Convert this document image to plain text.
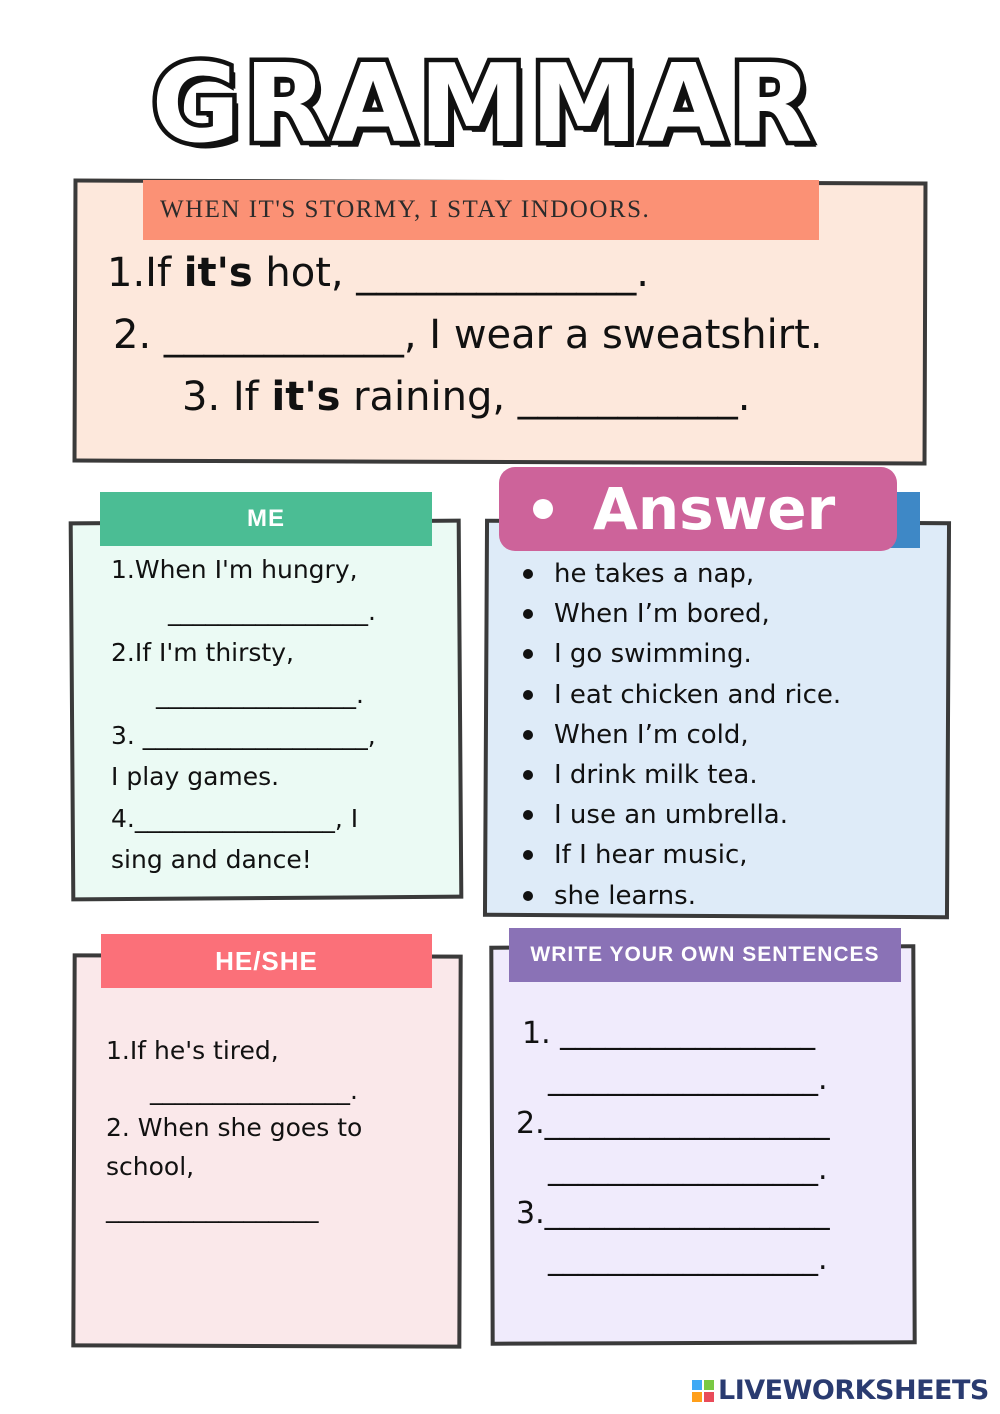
GRAMMAR
WHEN IT'S STORMY, I STAY INDOORS.
1.If it's hot, ______________.
2. ____________, I wear a sweatshirt.
3. If it's raining, ___________.
ME
1.When I'm hungry,
________________.
2.If I'm thirsty,
________________.
3. __________________,
I play games.
4.________________, I
sing and dance!
Answer
he takes a nap,
When I’m bored,
I go swimming.
I eat chicken and rice.
When I’m cold,
I drink milk tea.
I use an umbrella.
If I hear music,
she learns.
HE/SHE
1.If he's tired,
________________.
2. When she goes to
school,
_________________
WRITE YOUR OWN SENTENCES
1. _________________
__________________.
2.___________________
__________________.
3.___________________
__________________.
LIVEWORKSHEETS
